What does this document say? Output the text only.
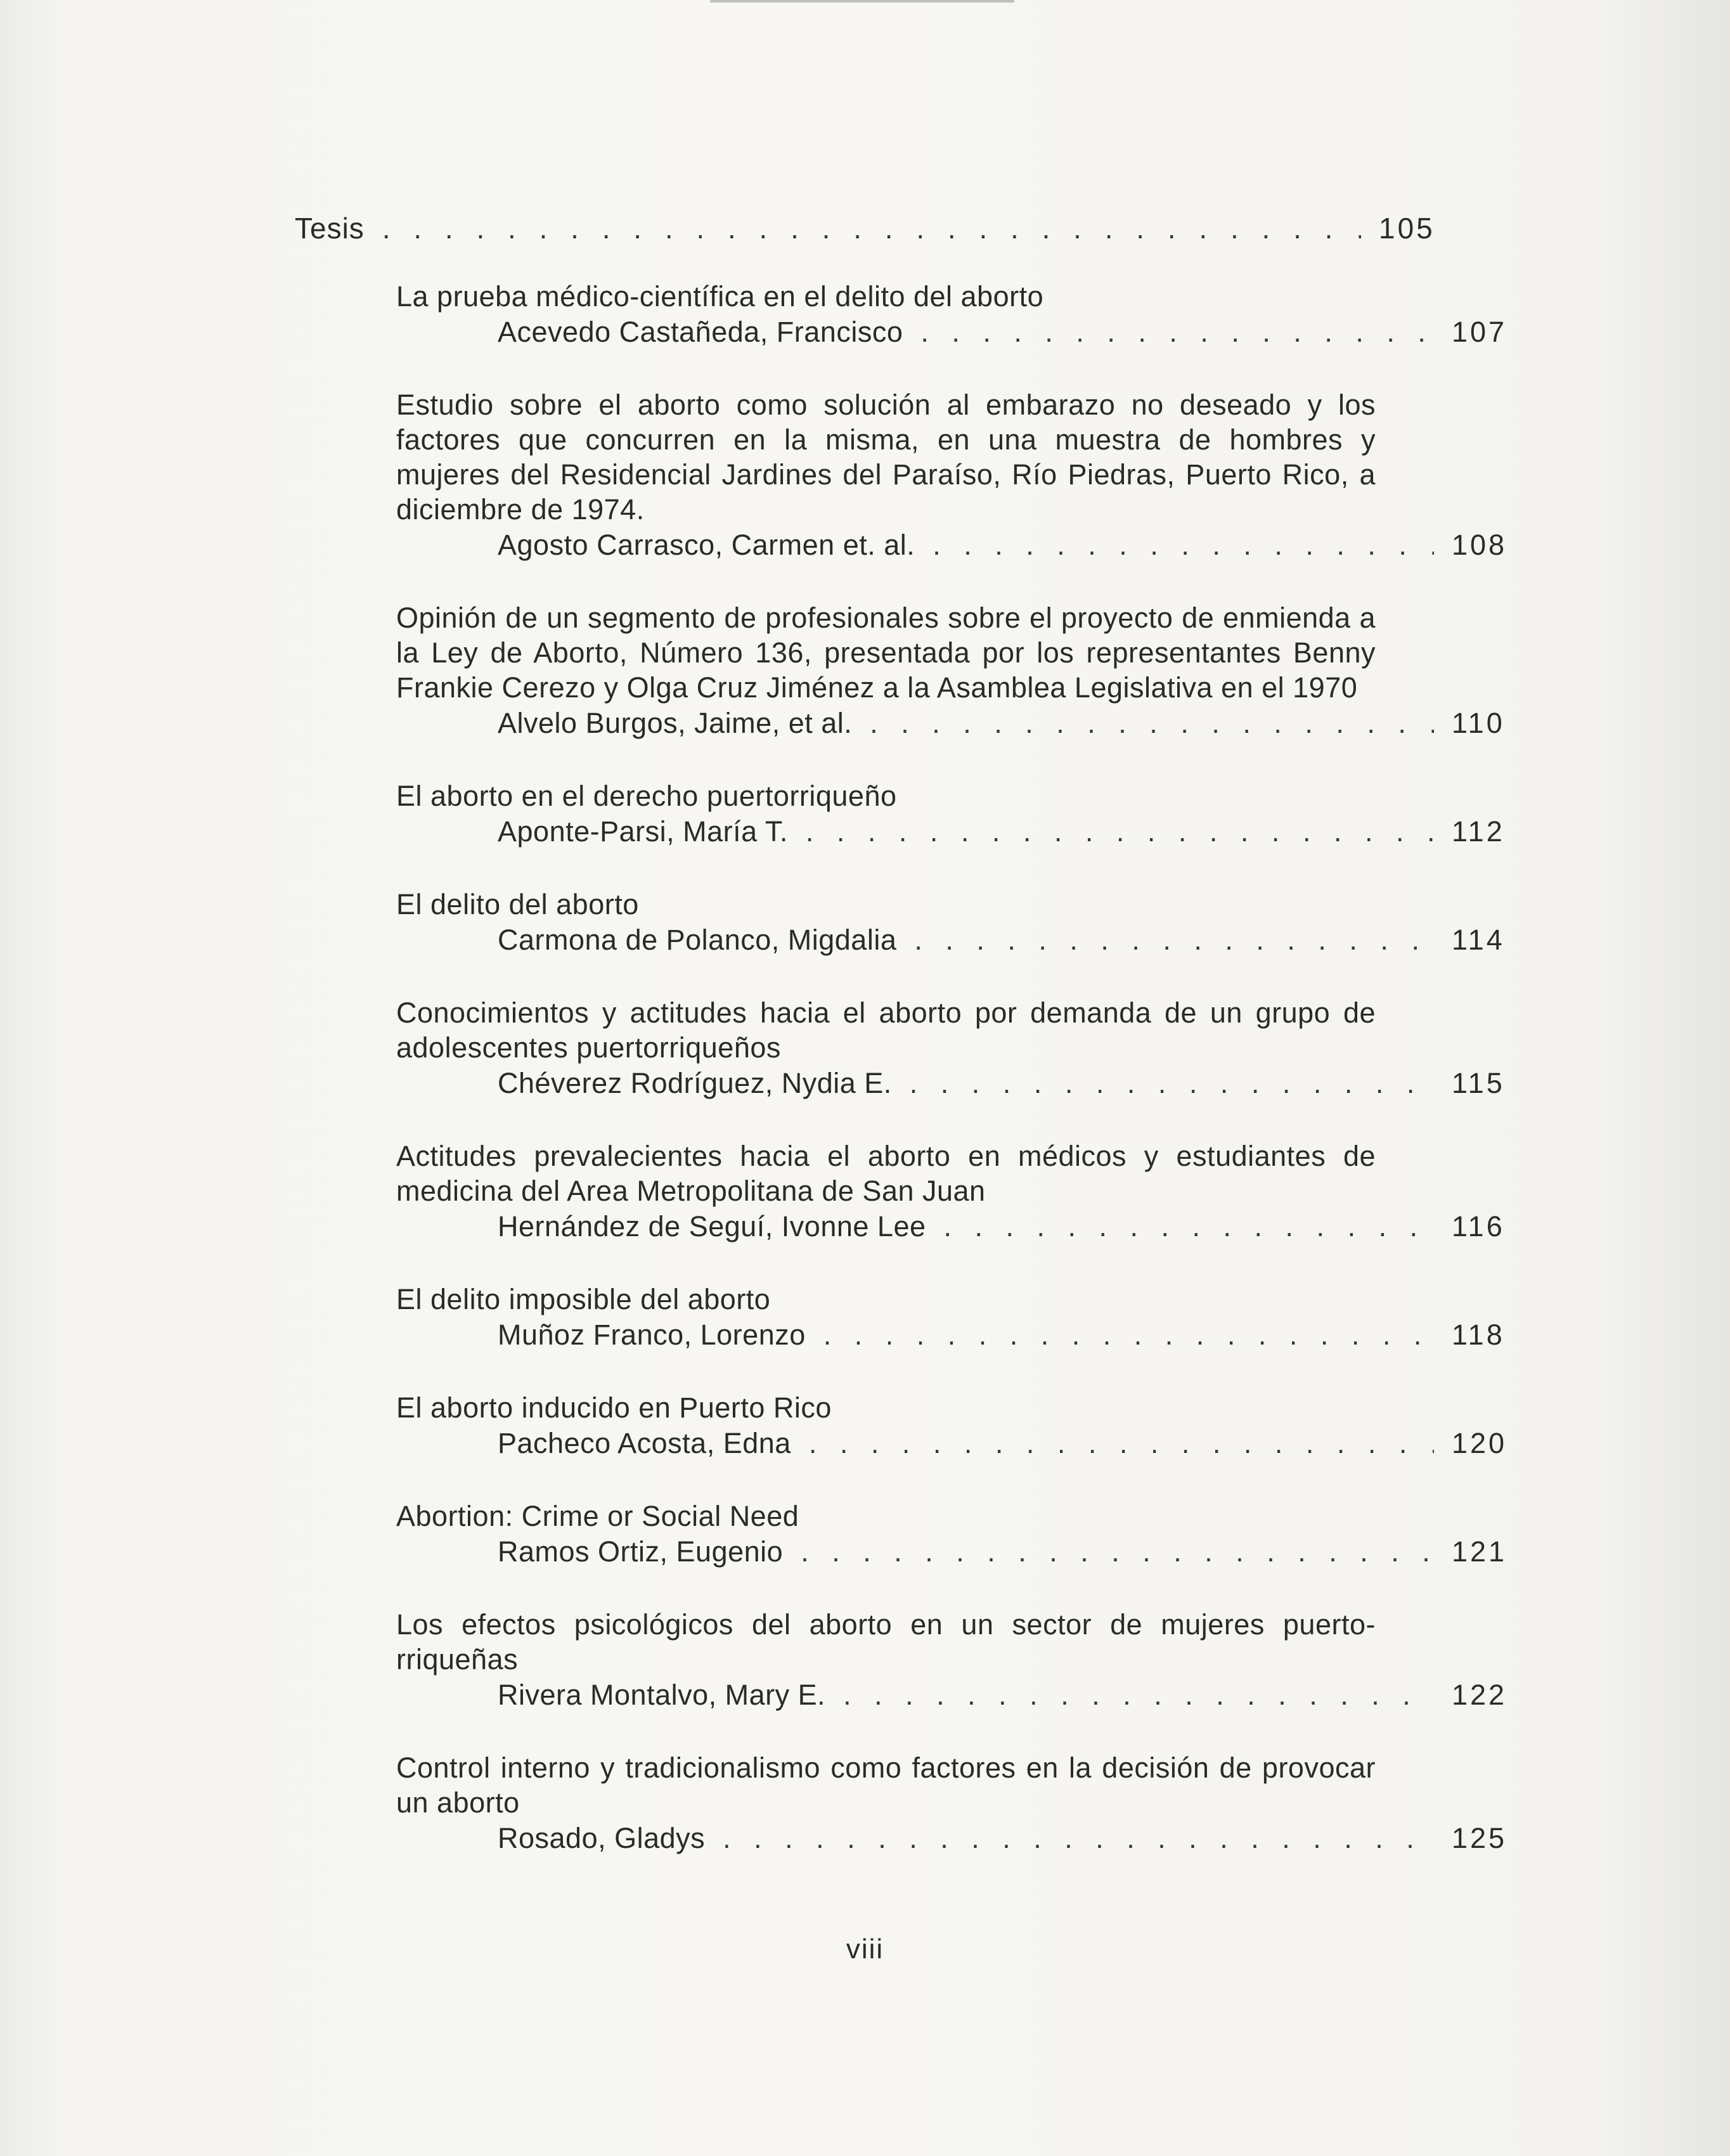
Tesis . . .	105
La prueba médico-científica en el delito del aborto
Acevedo Castañeda, Francisco . . .	107
Estudio sobre el aborto como solución al embarazo no deseado y los factores que concurren en la misma, en una muestra de hombres y mujeres del Residencial Jardines del Paraíso, Río Piedras, Puerto Rico, a diciembre de 1974.
Agosto Carrasco, Carmen et. al. . . .	108
Opinión de un segmento de profesionales sobre el proyecto de enmienda a la Ley de Aborto, Número 136, presentada por los representantes Benny Frankie Cerezo y Olga Cruz Jiménez a la Asamblea Legislativa en el 1970
Alvelo Burgos, Jaime, et al. . . .	110
El aborto en el derecho puertorriqueño
Aponte-Parsi, María T. . . .	112
El delito del aborto
Carmona de Polanco, Migdalia . . .	114
Conocimientos y actitudes hacia el aborto por demanda de un grupo de adolescentes puertorriqueños
Chéverez Rodríguez, Nydia E. . . .	115
Actitudes prevalecientes hacia el aborto en médicos y estudiantes de medicina del Area Metropolitana de San Juan
Hernández de Seguí, Ivonne Lee . . .	116
El delito imposible del aborto
Muñoz Franco, Lorenzo . . .	118
El aborto inducido en Puerto Rico
Pacheco Acosta, Edna . . .	120
Abortion: Crime or Social Need
Ramos Ortiz, Eugenio . . .	121
Los efectos psicológicos del aborto en un sector de mujeres puerto-rriqueñas
Rivera Montalvo, Mary E. . . .	122
Control interno y tradicionalismo como factores en la decisión de provocar un aborto
Rosado, Gladys . . .	125
viii
